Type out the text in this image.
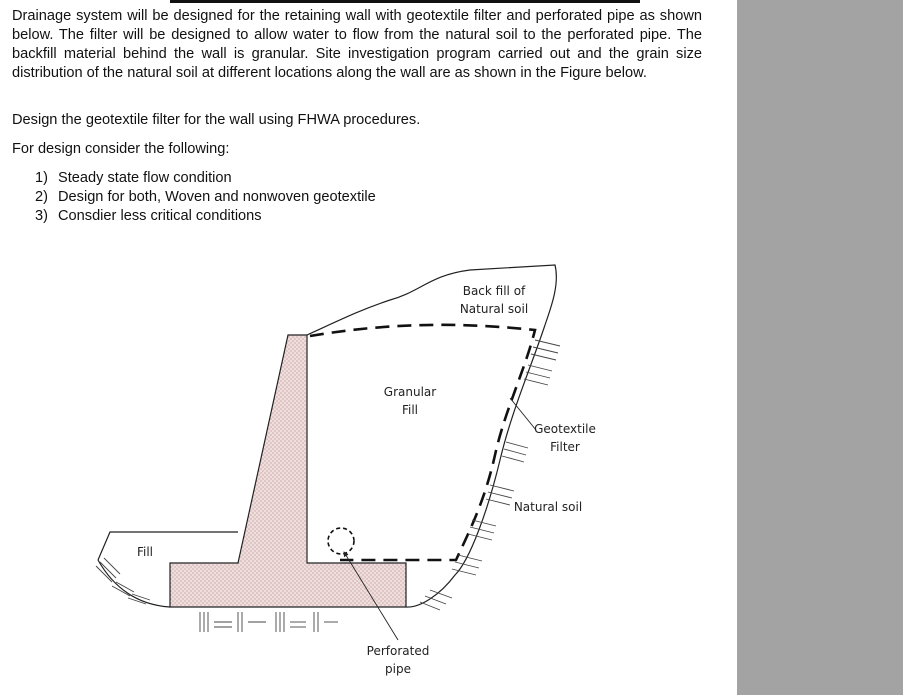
Drainage system will be designed for the retaining wall with geotextile filter and perforated pipe as shown below. The filter will be designed to allow water to flow from the natural soil to the perforated pipe. The backfill material behind the wall is granular. Site investigation program carried out and the grain size distribution of the natural soil at different locations along the wall are as shown in the Figure below.

Design the geotextile filter for the wall using FHWA procedures.

For design consider the following:

1) Steady state flow condition
2) Design for both, Woven and nonwoven geotextile
3) Consdier less critical conditions
Back fill of
Natural soil
Granular
Fill
Geotextile
Filter
Natural soil
Fill
Perforated
pipe
